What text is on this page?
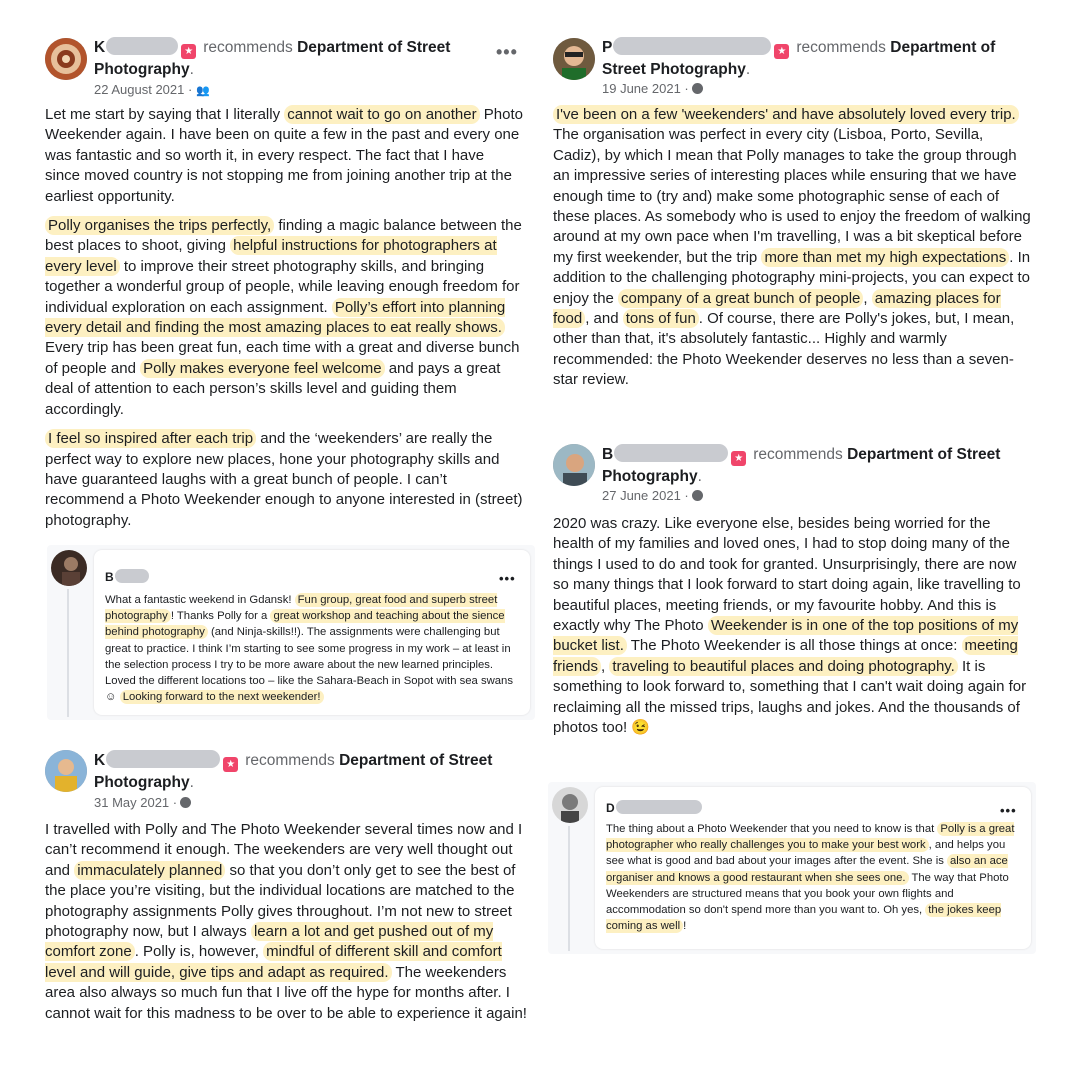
K	★ recommends Department of Street Photography.
•••
22 August 2021 · 👥

Let me start by saying that I literally cannot wait to go on another Photo Weekender again. I have been on quite a few in the past and every one was fantastic and so worth it, in every respect. The fact that I have since moved country is not stopping me from joining another trip at the earliest opportunity.

Polly organises the trips perfectly, finding a magic balance between the best places to shoot, giving helpful instructions for photographers at every level to improve their street photography skills, and bringing together a wonderful group of people, while leaving enough freedom for individual exploration on each assignment. Polly’s effort into planning every detail and finding the most amazing places to eat really shows. Every trip has been great fun, each time with a great and diverse bunch of people and Polly makes everyone feel welcome and pays a great deal of attention to each person’s skills level and guiding them accordingly.

I feel so inspired after each trip and the ‘weekenders’ are really the perfect way to explore new places, hone your photography skills and have guaranteed laughs with a great bunch of people. I can’t recommend a Photo Weekender enough to anyone interested in (street) photography.

B	•••
What a fantastic weekend in Gdansk! Fun group, great food and superb street photography ! Thanks Polly for a great workshop and teaching about the sience behind photography (and Ninja-skills!!). The assignments were challenging but great to practice. I think I’m starting to see some progress in my work – at least in the selection process I try to be more aware about the new learned principles. Loved the different locations too – like the Sahara-Beach in Sopot with sea swans ☺ Looking forward to the next weekender!
K	★ recommends Department of Street Photography.
31 May 2021 ·

I travelled with Polly and The Photo Weekender several times now and I can’t recommend it enough. The weekenders are very well thought out and immaculately planned so that you don’t only get to see the best of the place you’re visiting, but the individual locations are matched to the photography assignments Polly gives throughout. I’m not new to street photography now, but I always learn a lot and get pushed out of my comfort zone . Polly is, however, mindful of different skill and comfort level and will guide, give tips and adapt as required. The weekenders area also always so much fun that I live off the hype for months after. I cannot wait for this madness to be over to be able to experience it again!

P	★ recommends Department of Street Photography.
19 June 2021 ·

I've been on a few 'weekenders' and have absolutely loved every trip. The organisation was perfect in every city (Lisboa, Porto, Sevilla, Cadiz), by which I mean that Polly manages to take the group through an impressive series of interesting places while ensuring that we have enough time to (try and) make some photographic sense of each of these places. As somebody who is used to enjoy the freedom of walking around at my own pace when I'm travelling, I was a bit skeptical before my first weekender, but the trip more than met my high expectations . In addition to the challenging photography mini-projects, you can expect to enjoy the company of a great bunch of people , amazing places for food , and tons of fun . Of course, there are Polly's jokes, but, I mean, other than that, it's absolutely fantastic... Highly and warmly recommended: the Photo Weekender deserves no less than a seven-star review.

B	★ recommends Department of Street Photography.
27 June 2021 ·

2020 was crazy. Like everyone else, besides being worried for the health of my families and loved ones, I had to stop doing many of the things I used to do and took for granted. Unsurprisingly, there are now so many things that I look forward to start doing again, like travelling to beautiful places, meeting friends, or my favourite hobby. And this is exactly why The Photo Weekender is in one of the top positions of my bucket list. The Photo Weekender is all those things at once: meeting friends , traveling to beautiful places and doing photography. It is something to look forward to, something that I can't wait doing again for reclaiming all the missed trips, laughs and jokes. And the thousands of photos too! 😉

D	•••
The thing about a Photo Weekender that you need to know is that Polly is a great photographer who really challenges you to make your best work , and helps you see what is good and bad about your images after the event. She is also an ace organiser and knows a good restaurant when she sees one. The way that Photo Weekenders are structured means that you book your own flights and accommodation so don't spend more than you want to. Oh yes, the jokes keep coming as well !
